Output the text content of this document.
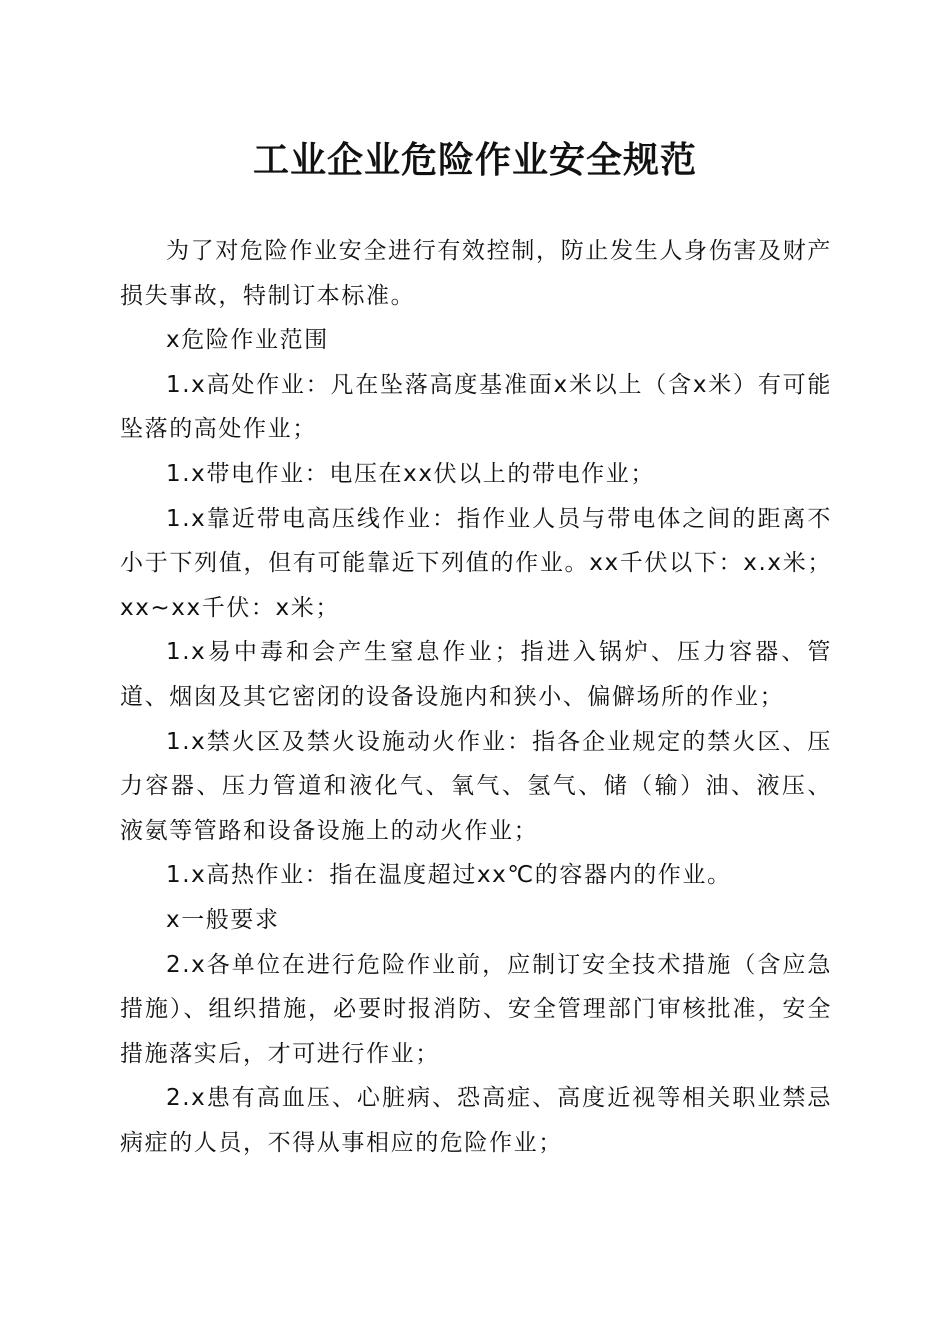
工业企业危险作业安全规范

为了对危险作业安全进行有效控制，防止发生人身伤害及财产损失事故，特制订本标准。

x危险作业范围

1.x高处作业：凡在坠落高度基准面x米以上（含x米）有可能坠落的高处作业；

1.x带电作业：电压在xx伏以上的带电作业；

1.x靠近带电高压线作业：指作业人员与带电体之间的距离不小于下列值，但有可能靠近下列值的作业。xx千伏以下：x.x米；xx~xx千伏：x米；

1.x易中毒和会产生窒息作业；指进入锅炉、压力容器、管道、烟囱及其它密闭的设备设施内和狭小、偏僻场所的作业；

1.x禁火区及禁火设施动火作业：指各企业规定的禁火区、压力容器、压力管道和液化气、氧气、氢气、储（输）油、液压、液氨等管路和设备设施上的动火作业；

1.x高热作业：指在温度超过xx℃的容器内的作业。

x一般要求

2.x各单位在进行危险作业前，应制订安全技术措施（含应急措施）、组织措施，必要时报消防、安全管理部门审核批准，安全措施落实后，才可进行作业；

2.x患有高血压、心脏病、恐高症、高度近视等相关职业禁忌病症的人员，不得从事相应的危险作业；
